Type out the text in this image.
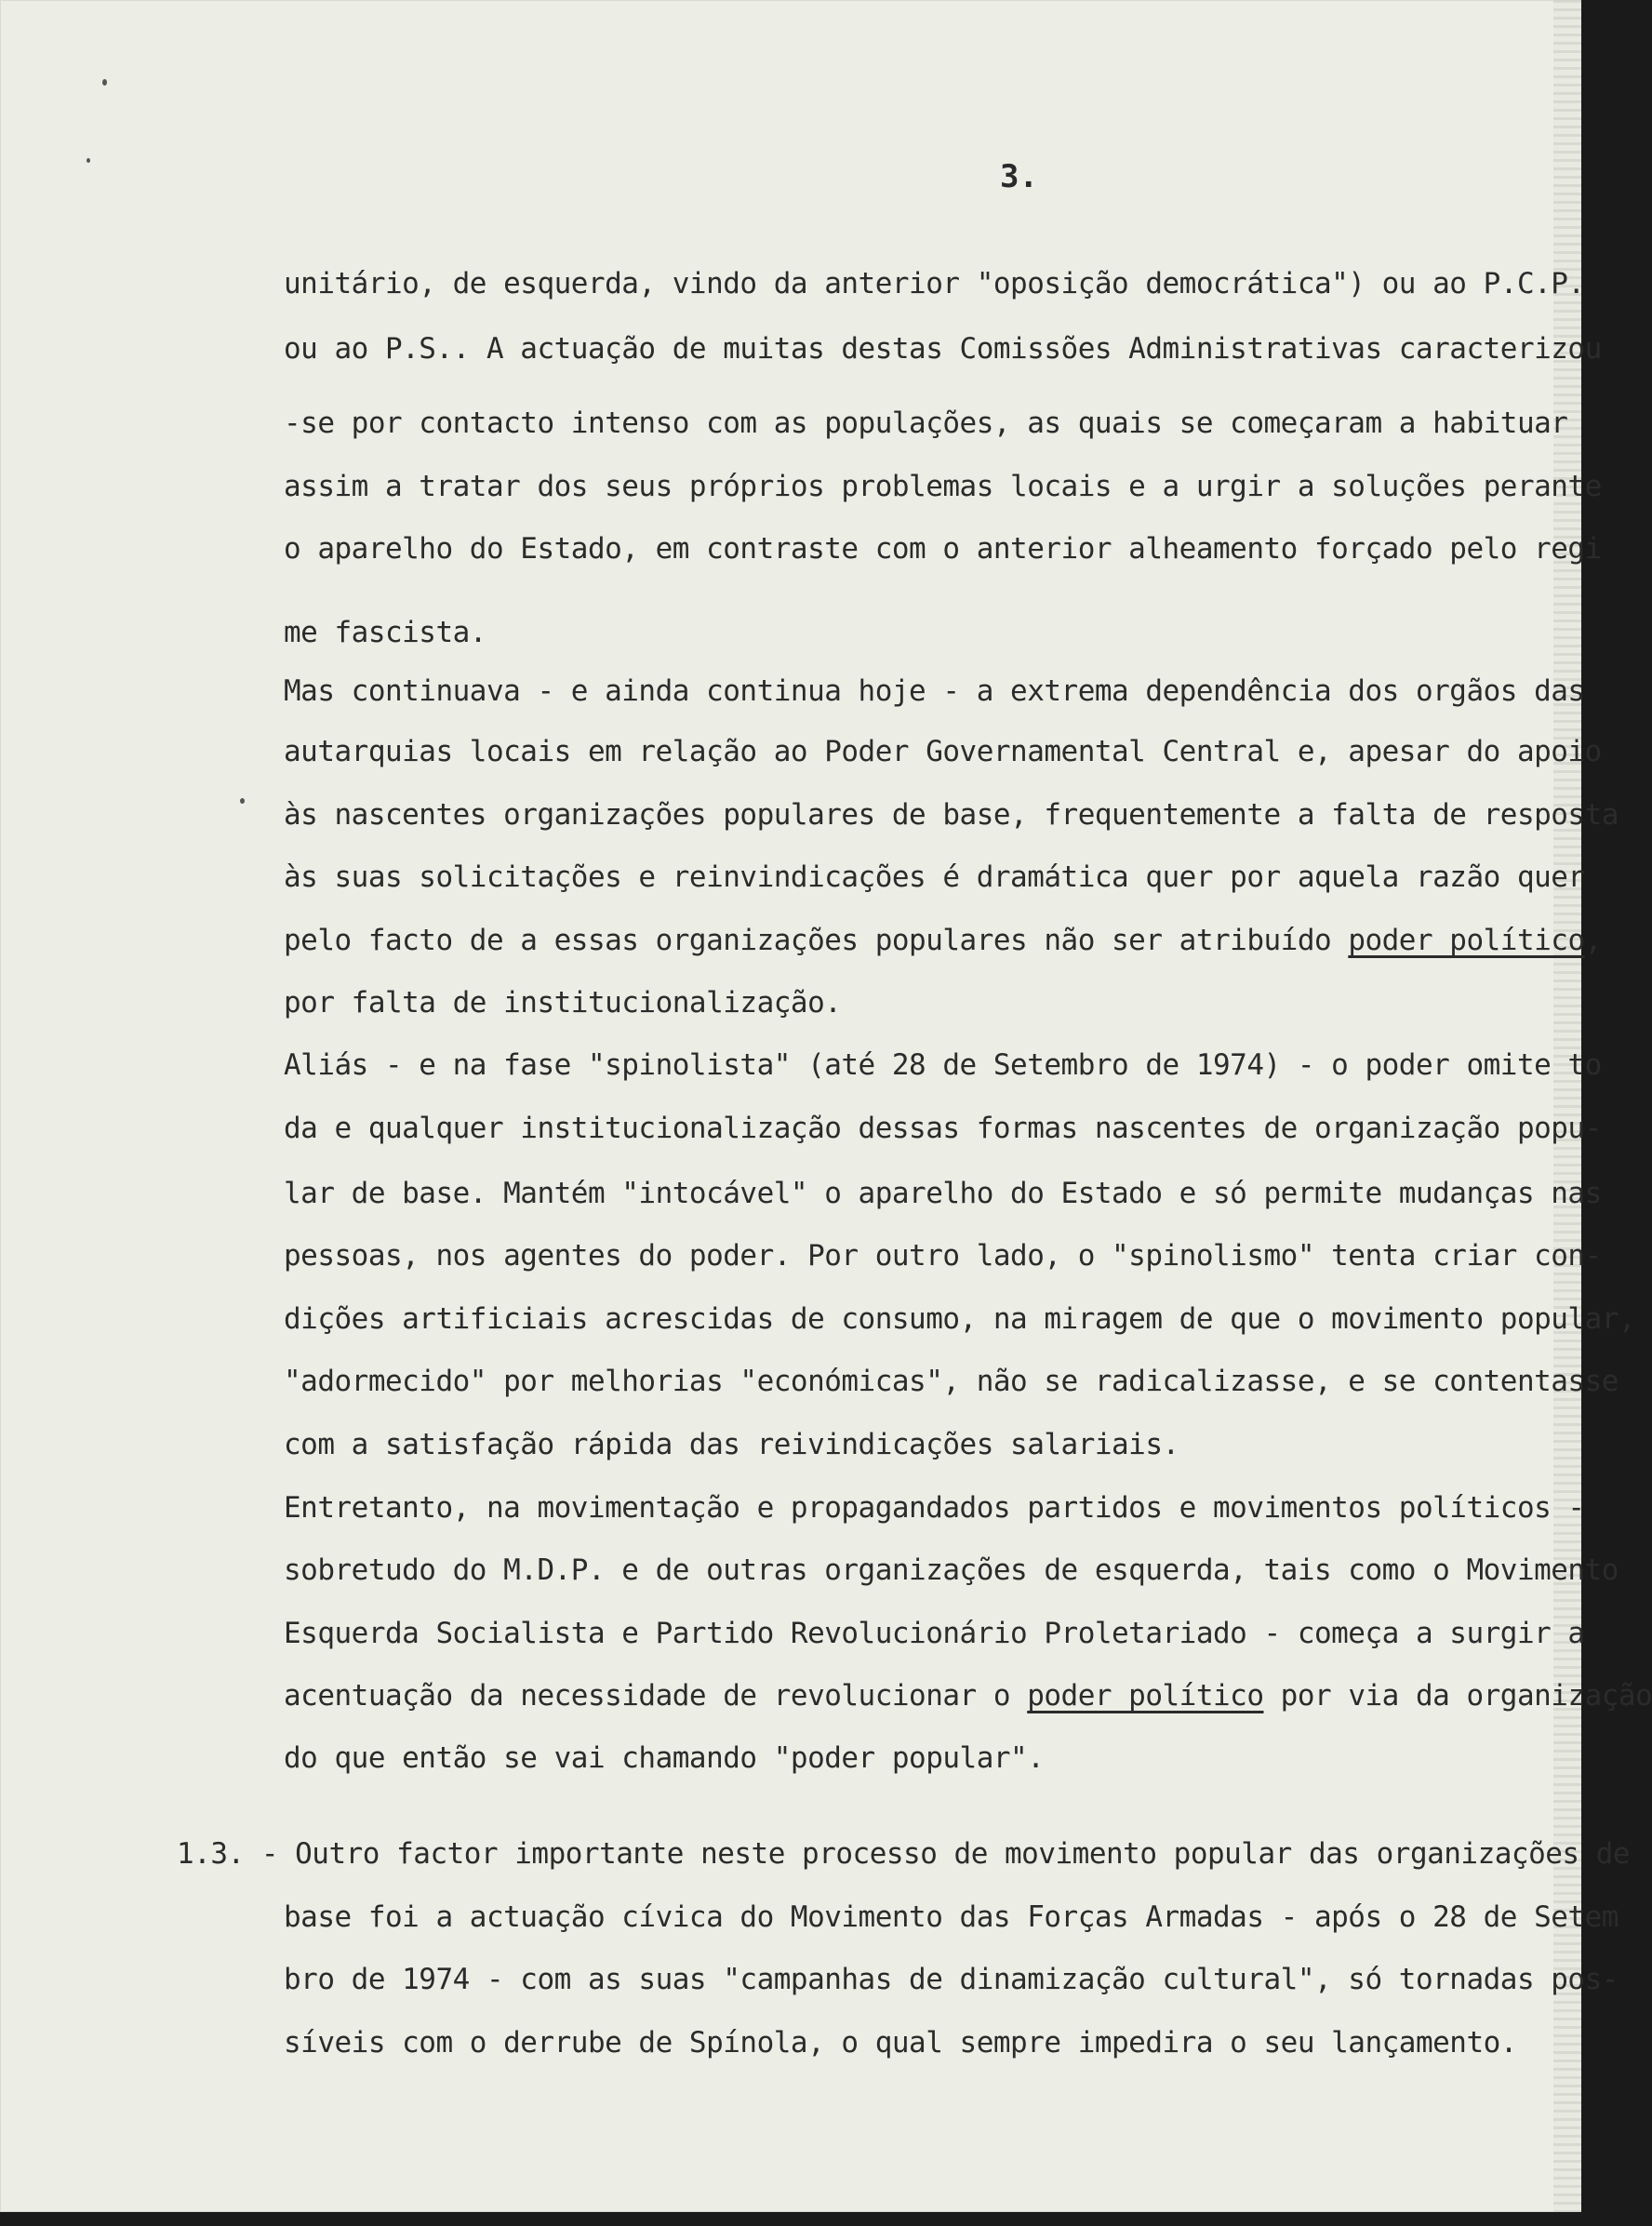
3.
unitário, de esquerda, vindo da anterior "oposição democrática") ou ao P.C.P.
ou ao P.S.. A actuação de muitas destas Comissões Administrativas caracterizou
-se por contacto intenso com as populações, as quais se começaram a habituar
assim a tratar dos seus próprios problemas locais e a urgir a soluções perante
o aparelho do Estado, em contraste com o anterior alheamento forçado pelo regi
me fascista.
Mas continuava - e ainda continua hoje - a extrema dependência dos orgãos das
autarquias locais em relação ao Poder Governamental Central e, apesar do apoio
às nascentes organizações populares de base, frequentemente a falta de resposta
às suas solicitações e reinvindicações é dramática quer por aquela razão quer
pelo facto de a essas organizações populares não ser atribuído poder político,
por falta de institucionalização.
Aliás - e na fase "spinolista" (até 28 de Setembro de 1974) - o poder omite to
da e qualquer institucionalização dessas formas nascentes de organização popu-
lar de base. Mantém "intocável" o aparelho do Estado e só permite mudanças nas
pessoas, nos agentes do poder. Por outro lado, o "spinolismo" tenta criar con-
dições artificiais acrescidas de consumo, na miragem de que o movimento popular,
"adormecido" por melhorias "económicas", não se radicalizasse, e se contentasse
com a satisfação rápida das reivindicações salariais.
Entretanto, na movimentação e propagandados partidos e movimentos políticos -
sobretudo do M.D.P. e de outras organizações de esquerda, tais como o Movimento
Esquerda Socialista e Partido Revolucionário Proletariado - começa a surgir a
acentuação da necessidade de revolucionar o poder político por via da organização
do que então se vai chamando "poder popular".
1.3. - Outro factor importante neste processo de movimento popular das organizações de
base foi a actuação cívica do Movimento das Forças Armadas - após o 28 de Setem
bro de 1974 - com as suas "campanhas de dinamização cultural", só tornadas pos-
síveis com o derrube de Spínola, o qual sempre impedira o seu lançamento.
